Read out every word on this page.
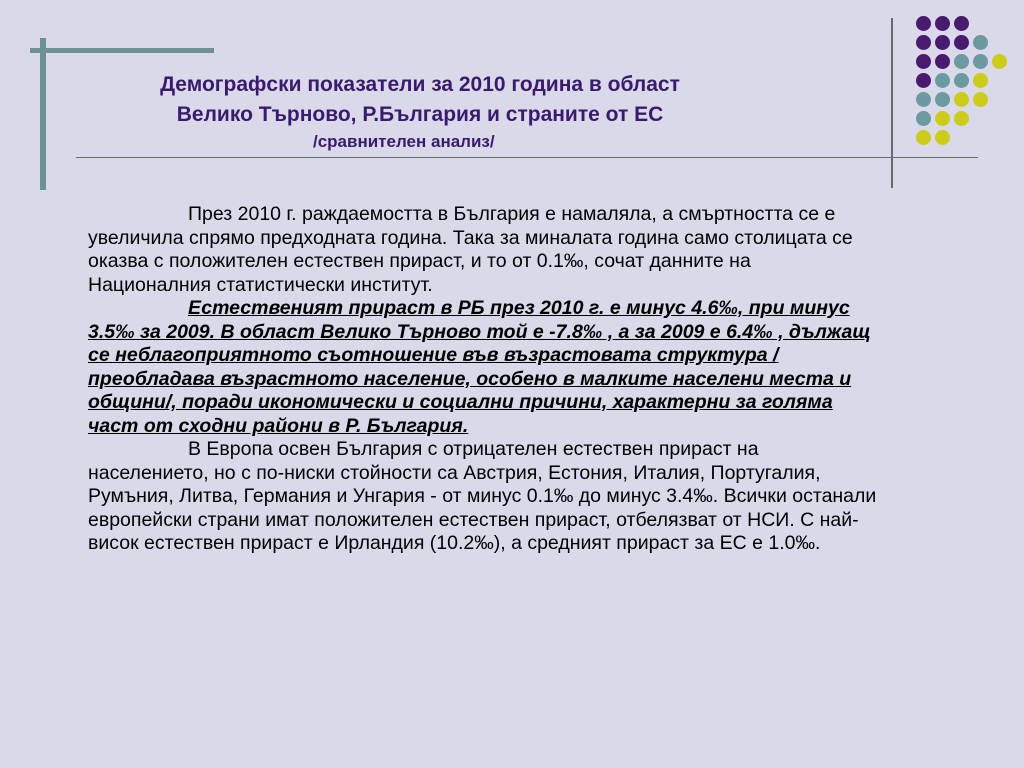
Демографски показатели за 2010 година в област
Велико Търново, Р.България и страните от ЕС
/сравнителен анализ/

През 2010 г. раждаемостта в България е намаляла, а смъртността се е увеличила спрямо предходната година. Така за миналата година само столицата се оказва с положителен естествен прираст, и то от 0.1‰, сочат данните на Националния статистически институт.

Естественият прираст в РБ през 2010 г. е минус 4.6‰, при минус 3.5‰ за 2009. В област Велико Търново той е -7.8‰ , а за 2009 е 6.4‰ , дължащ се неблагоприятното съотношение във възрастовата структура / преобладава възрастното население, особено в малките населени места и общини/, поради икономически и социални причини, характерни за голяма част от сходни райони в Р. България.

В Европа освен България с отрицателен естествен прираст на населението, но с по-ниски стойности са Австрия, Естония, Италия, Португалия, Румъния, Литва, Германия и Унгария - от минус 0.1‰ до минус 3.4‰. Всички останали европейски страни имат положителен естествен прираст, отбелязват от НСИ. С най-висок естествен прираст е Ирландия (10.2‰), а средният прираст за ЕС е 1.0‰.
